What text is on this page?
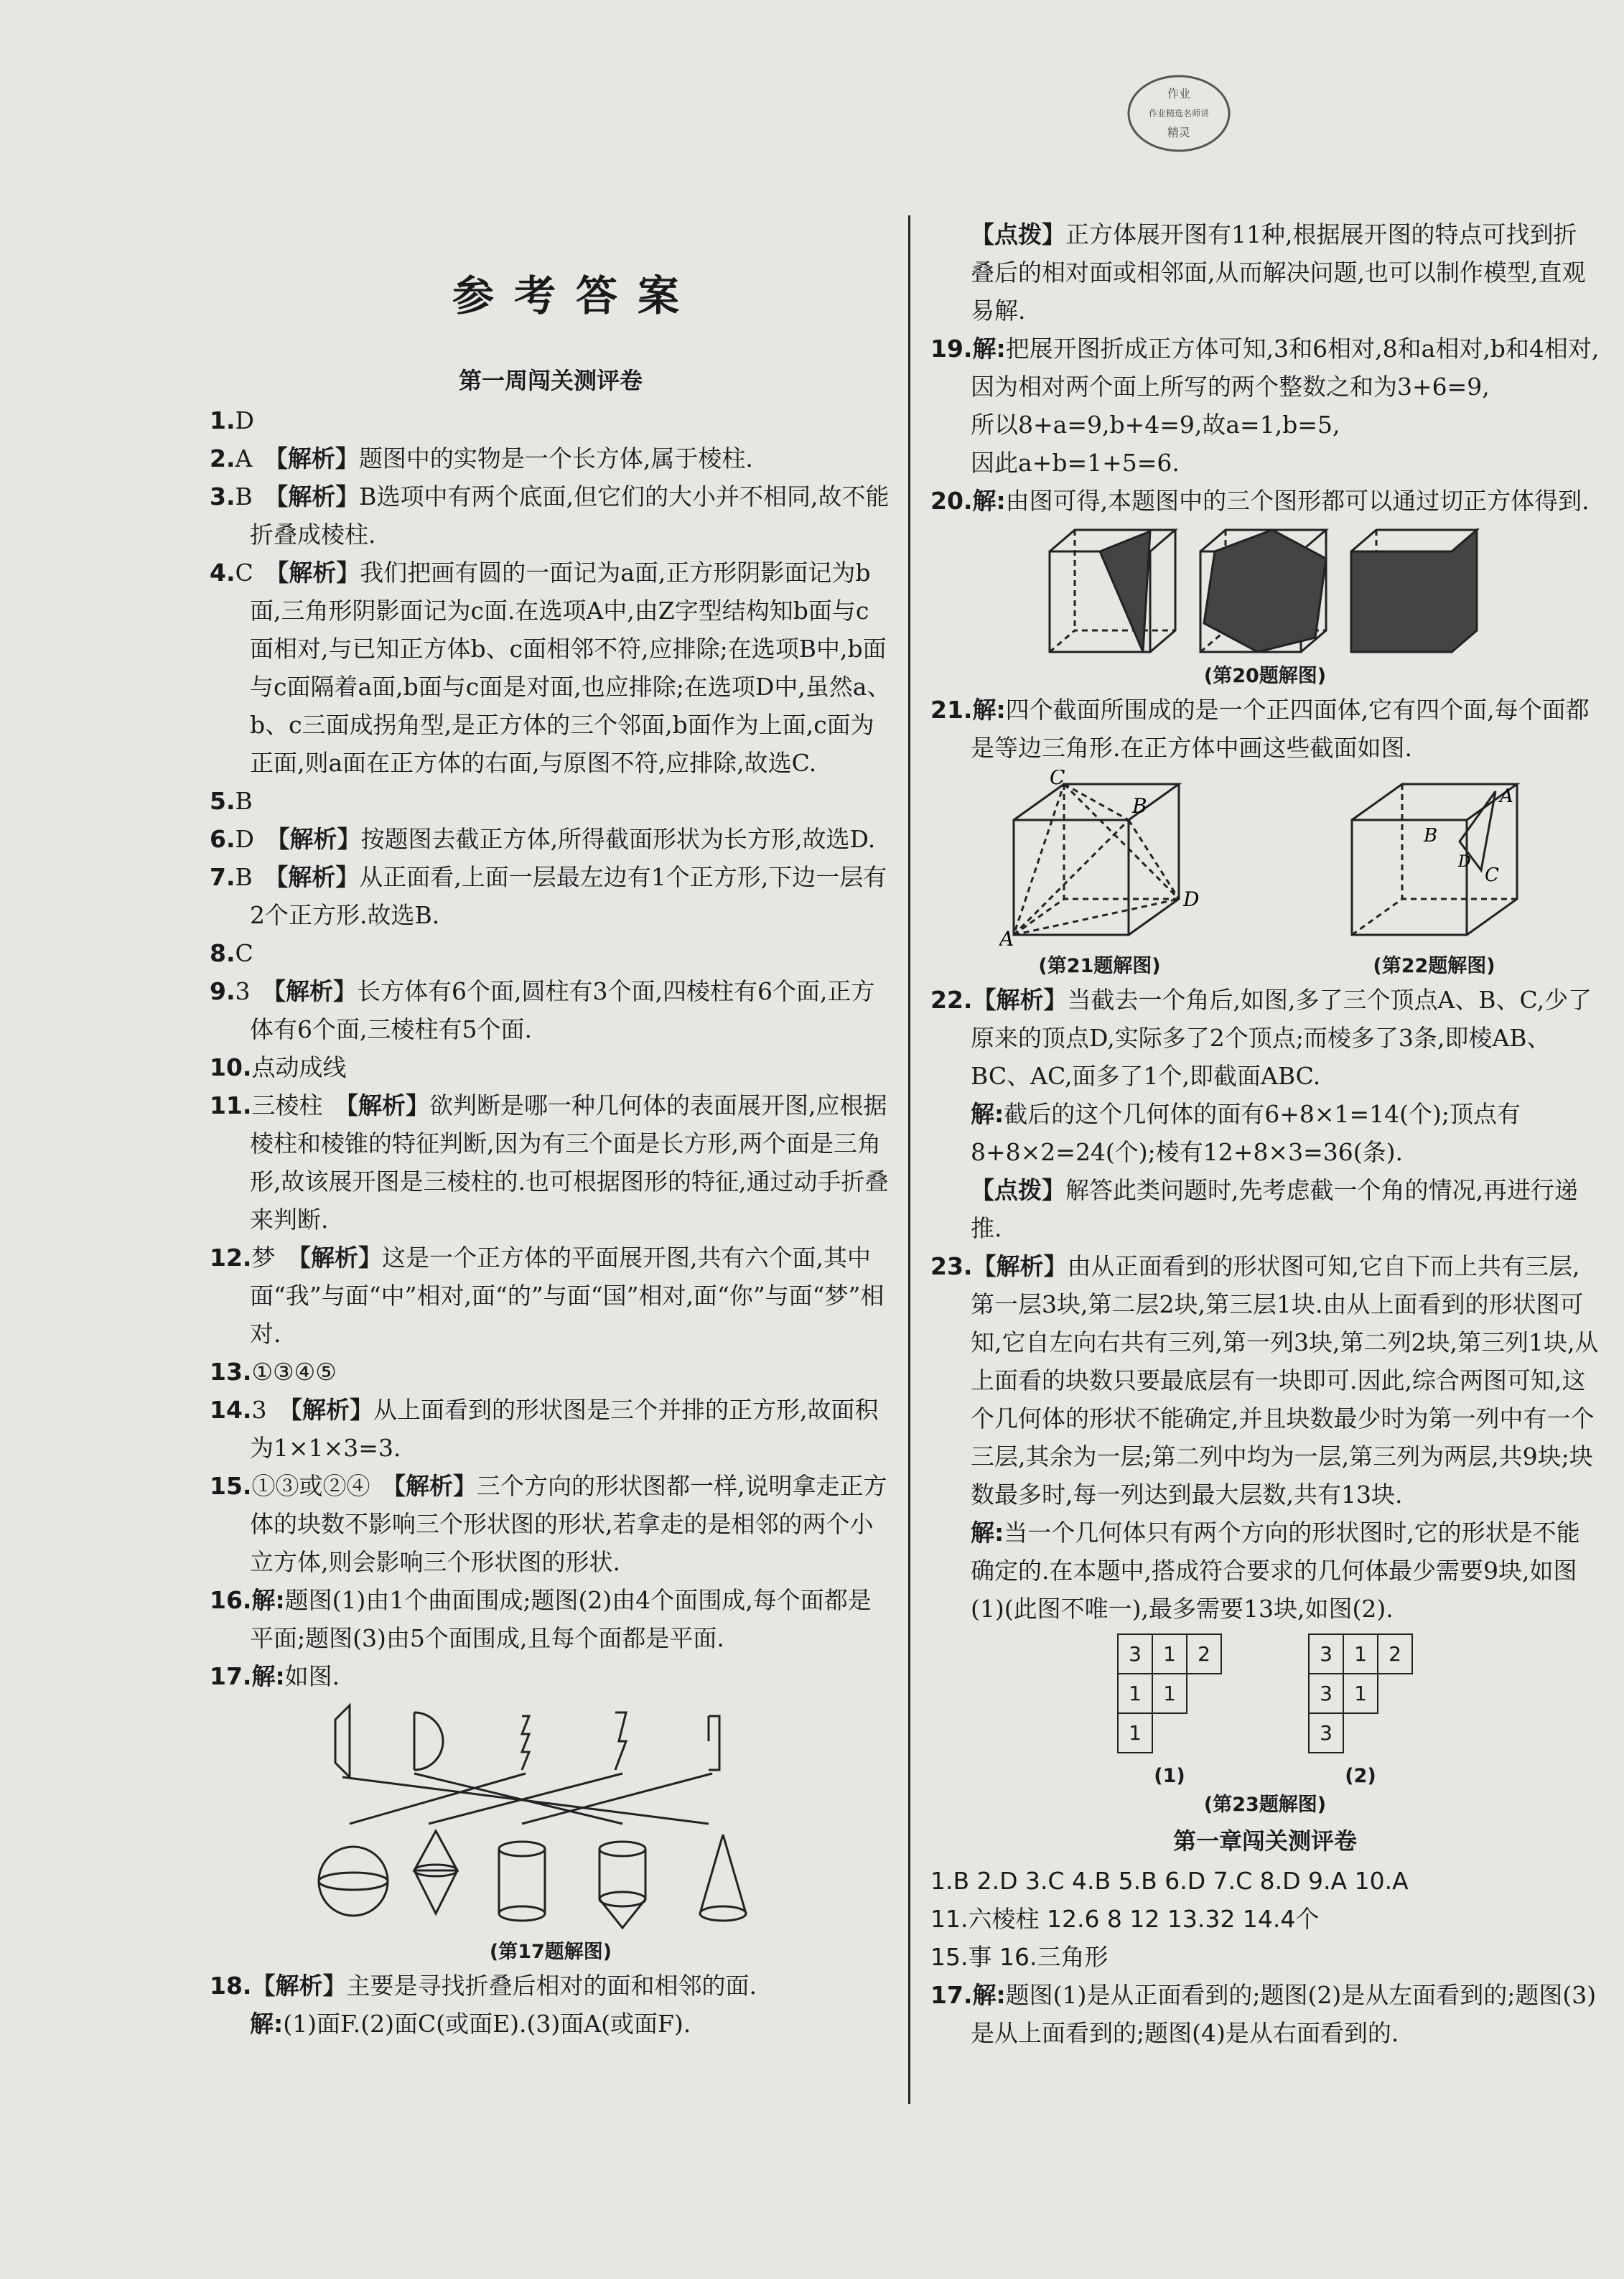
作业
作业精选名师讲
精灵
参考答案
第一周闯关测评卷
1.D
2.A　 【解析】题图中的实物是一个长方体,属于棱柱.
3.B　 【解析】B选项中有两个底面,但它们的大小并不相同,故不能折叠成棱柱.
4.C　 【解析】我们把画有圆的一面记为a面,正方形阴影面记为b面,三角形阴影面记为c面.在选项A中,由Z字型结构知b面与c面相对,与已知正方体b、c面相邻不符,应排除;在选项B中,b面与c面隔着a面,b面与c面是对面,也应排除;在选项D中,虽然a、b、c三面成拐角型,是正方体的三个邻面,b面作为上面,c面为正面,则a面在正方体的右面,与原图不符,应排除,故选C.
5.B
6.D　 【解析】按题图去截正方体,所得截面形状为长方形,故选D.
7.B　 【解析】从正面看,上面一层最左边有1个正方形,下边一层有2个正方形.故选B.
8.C
9.3　 【解析】长方体有6个面,圆柱有3个面,四棱柱有6个面,正方体有6个面,三棱柱有5个面.
10.点动成线
11.三棱柱　 【解析】欲判断是哪一种几何体的表面展开图,应根据棱柱和棱锥的特征判断,因为有三个面是长方形,两个面是三角形,故该展开图是三棱柱的.也可根据图形的特征,通过动手折叠来判断.
12.梦　 【解析】这是一个正方体的平面展开图,共有六个面,其中面“我”与面“中”相对,面“的”与面“国”相对,面“你”与面“梦”相对.
13.①③④⑤
14.3　 【解析】从上面看到的形状图是三个并排的正方形,故面积为1×1×3=3.
15.①③或②④　 【解析】三个方向的形状图都一样,说明拿走正方体的块数不影响三个形状图的形状,若拿走的是相邻的两个小立方体,则会影响三个形状图的形状.
16.解:题图(1)由1个曲面围成;题图(2)由4个面围成,每个面都是平面;题图(3)由5个面围成,且每个面都是平面.
17.解:如图.
(第17题解图)
18.【解析】主要是寻找折叠后相对的面和相邻的面.
解:(1)面F.(2)面C(或面E).(3)面A(或面F).
【点拨】正方体展开图有11种,根据展开图的特点可找到折叠后的相对面或相邻面,从而解决问题,也可以制作模型,直观易解.
19.解:把展开图折成正方体可知,3和6相对,8和a相对,b和4相对,因为相对两个面上所写的两个整数之和为3+6=9,
所以8+a=9,b+4=9,故a=1,b=5,
因此a+b=1+5=6.
20.解:由图可得,本题图中的三个图形都可以通过切正方体得到.
(第20题解图)
21.解:四个截面所围成的是一个正四面体,它有四个面,每个面都是等边三角形.在正方体中画这些截面如图.
C
B
A
D
(第21题解图)
A
B
C
D
(第22题解图)
22.【解析】当截去一个角后,如图,多了三个顶点A、B、C,少了原来的顶点D,实际多了2个顶点;而棱多了3条,即棱AB、BC、AC,面多了1个,即截面ABC.
解:截后的这个几何体的面有6+8×1=14(个);顶点有8+8×2=24(个);棱有12+8×3=36(条).
【点拨】解答此类问题时,先考虑截一个角的情况,再进行递推.
23.【解析】由从正面看到的形状图可知,它自下而上共有三层,第一层3块,第二层2块,第三层1块.由从上面看到的形状图可知,它自左向右共有三列,第一列3块,第二列2块,第三列1块,从上面看的块数只要最底层有一块即可.因此,综合两图可知,这个几何体的形状不能确定,并且块数最少时为第一列中有一个三层,其余为一层;第二列中均为一层,第三列为两层,共9块;块数最多时,每一列达到最大层数,共有13块.
解:当一个几何体只有两个方向的形状图时,它的形状是不能确定的.在本题中,搭成符合要求的几何体最少需要9块,如图(1)(此图不唯一),最多需要13块,如图(2).
3	1	2
1	1	
1		
(1)
3	1	2
3	1	
3		
(2)
(第23题解图)
第一章闯关测评卷
1.B 2.D 3.C 4.B 5.B 6.D 7.C 8.D 9.A 10.A
11.六棱柱 12.6 8 12 13.32 14.4个
15.事 16.三角形
17.解:题图(1)是从正面看到的;题图(2)是从左面看到的;题图(3)是从上面看到的;题图(4)是从右面看到的.
